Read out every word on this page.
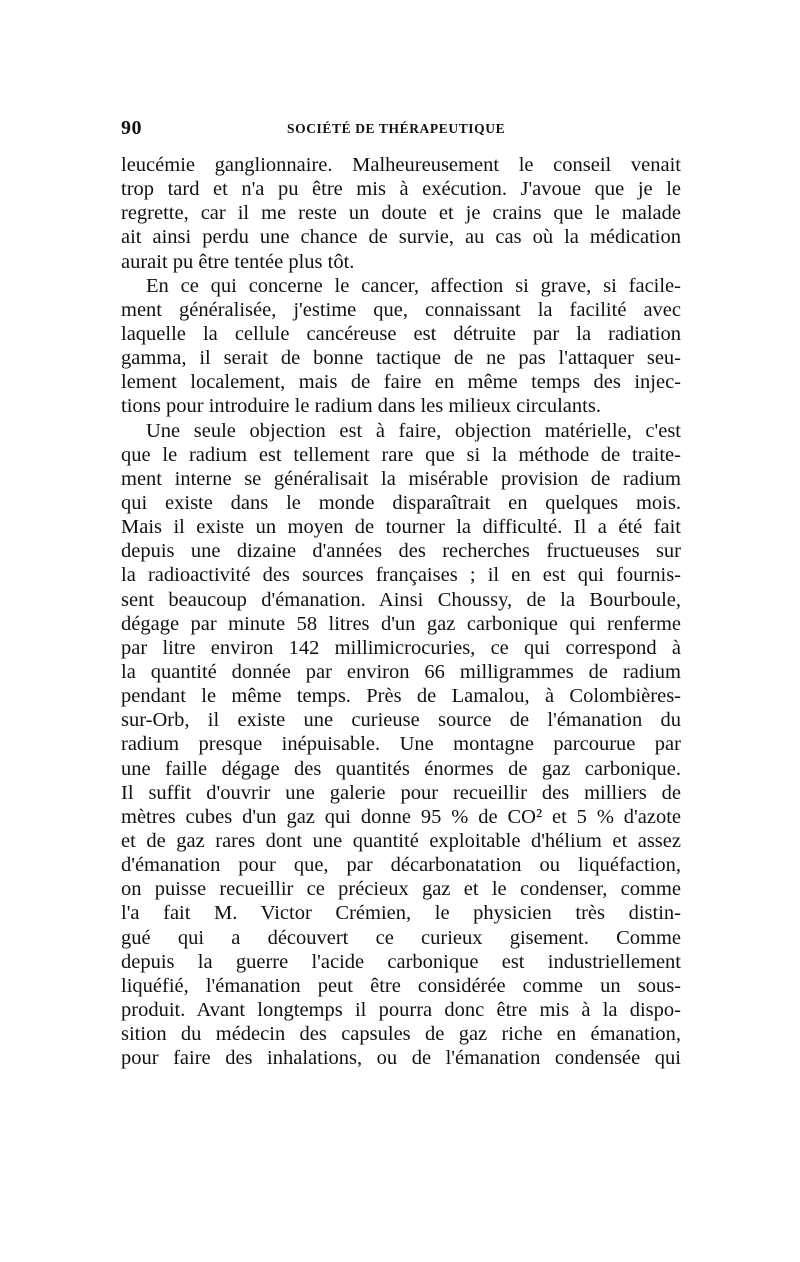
90	SOCIÉTÉ DE THÉRAPEUTIQUE
leucémie ganglionnaire. Malheureusement le conseil venait
trop tard et n'a pu être mis à exécution. J'avoue que je le
regrette, car il me reste un doute et je crains que le malade
ait ainsi perdu une chance de survie, au cas où la médication
aurait pu être tentée plus tôt.
En ce qui concerne le cancer, affection si grave, si facile-
ment généralisée, j'estime que, connaissant la facilité avec
laquelle la cellule cancéreuse est détruite par la radiation
gamma, il serait de bonne tactique de ne pas l'attaquer seu-
lement localement, mais de faire en même temps des injec-
tions pour introduire le radium dans les milieux circulants.
Une seule objection est à faire, objection matérielle, c'est
que le radium est tellement rare que si la méthode de traite-
ment interne se généralisait la misérable provision de radium
qui existe dans le monde disparaîtrait en quelques mois.
Mais il existe un moyen de tourner la difficulté. Il a été fait
depuis une dizaine d'années des recherches fructueuses sur
la radioactivité des sources françaises ; il en est qui fournis-
sent beaucoup d'émanation. Ainsi Choussy, de la Bourboule,
dégage par minute 58 litres d'un gaz carbonique qui renferme
par litre environ 142 millimicrocuries, ce qui correspond à
la quantité donnée par environ 66 milligrammes de radium
pendant le même temps. Près de Lamalou, à Colombières-
sur-Orb, il existe une curieuse source de l'émanation du
radium presque inépuisable. Une montagne parcourue par
une faille dégage des quantités énormes de gaz carbonique.
Il suffit d'ouvrir une galerie pour recueillir des milliers de
mètres cubes d'un gaz qui donne 95 % de CO² et 5 % d'azote
et de gaz rares dont une quantité exploitable d'hélium et assez
d'émanation pour que, par décarbonatation ou liquéfaction,
on puisse recueillir ce précieux gaz et le condenser, comme
l'a fait M. Victor Crémien, le physicien très distin-
gué qui a découvert ce curieux gisement. Comme
depuis la guerre l'acide carbonique est industriellement
liquéfié, l'émanation peut être considérée comme un sous-
produit. Avant longtemps il pourra donc être mis à la dispo-
sition du médecin des capsules de gaz riche en émanation,
pour faire des inhalations, ou de l'émanation condensée qui
